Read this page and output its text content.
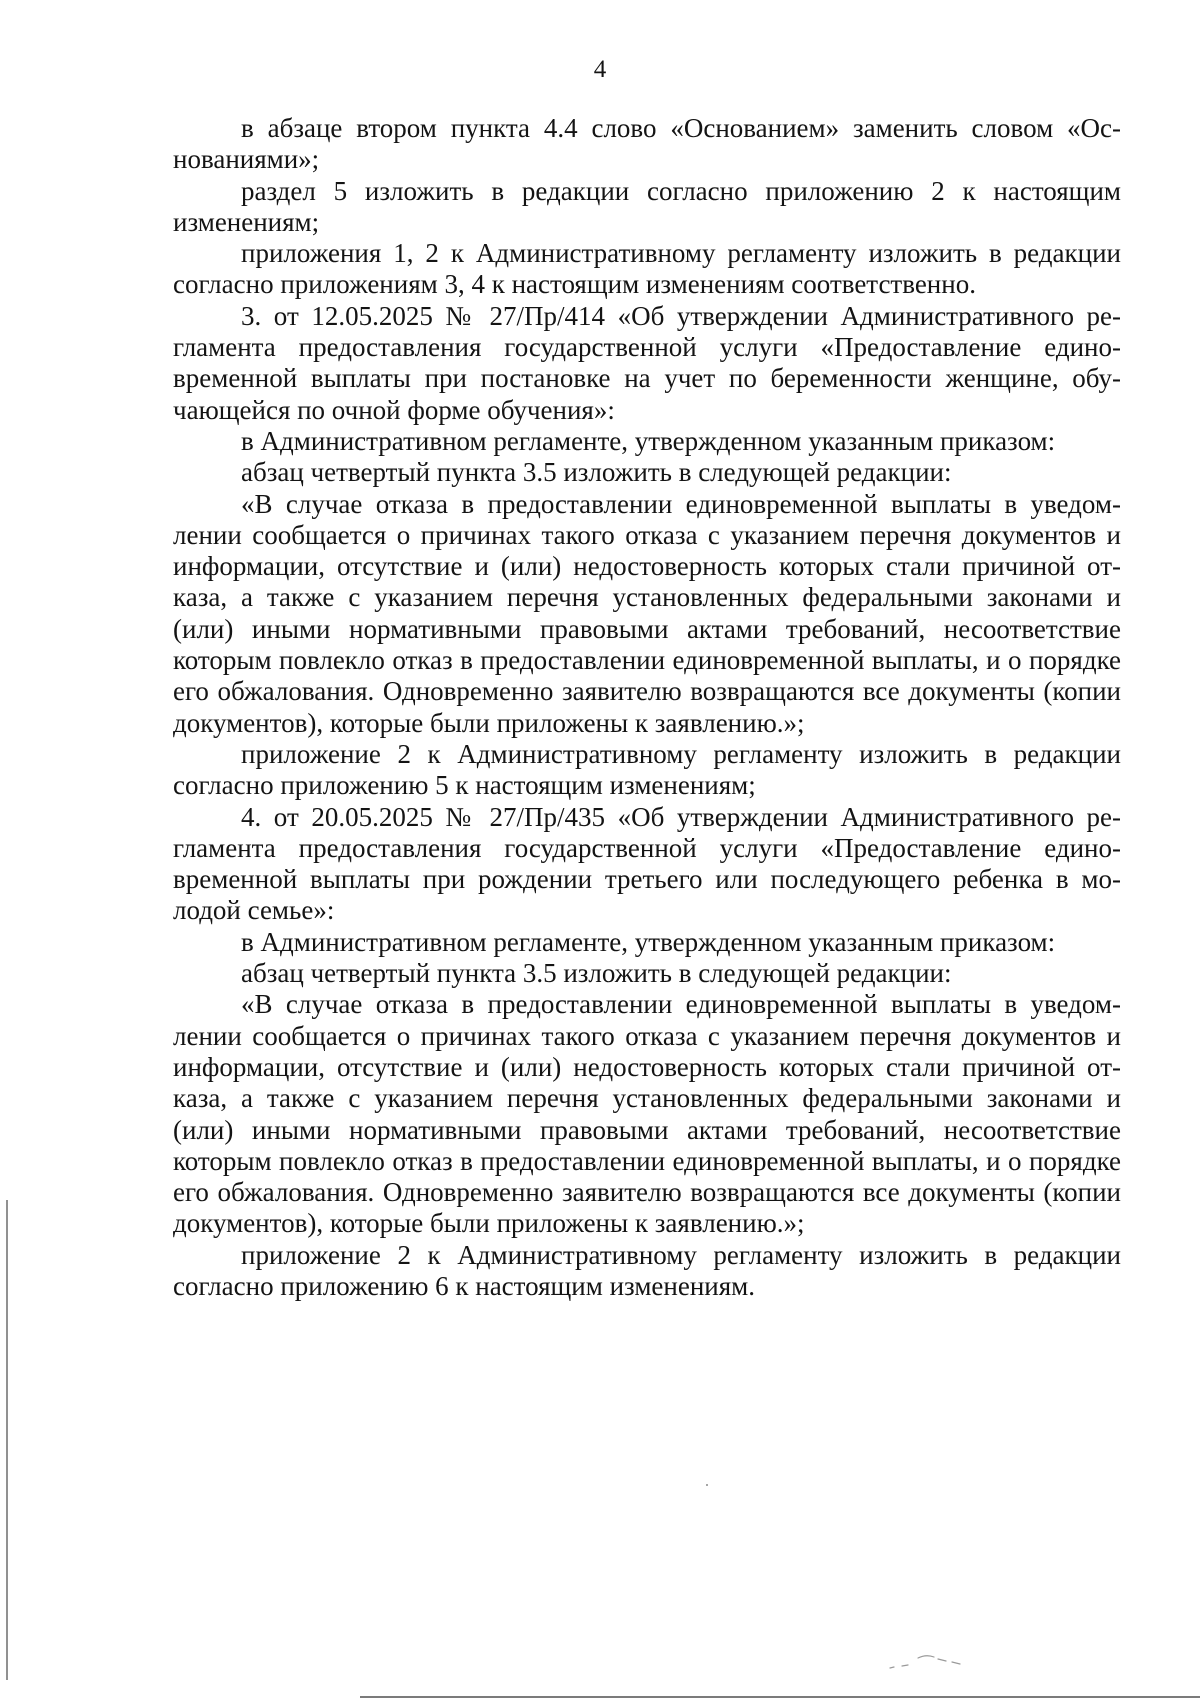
4

в абзаце втором пункта 4.4 слово «Основанием» заменить словом «Основаниями»;

раздел 5 изложить в редакции согласно приложению 2 к настоящим изменениям;

приложения 1, 2 к Административному регламенту изложить в редакции согласно приложениям 3, 4 к настоящим изменениям соответственно.

3. от 12.05.2025 № 27/Пр/414 «Об утверждении Административного регламента предоставления государственной услуги «Предоставление единовременной выплаты при постановке на учет по беременности женщине, обучающейся по очной форме обучения»:

в Административном регламенте, утвержденном указанным приказом:

абзац четвертый пункта 3.5 изложить в следующей редакции:

«В случае отказа в предоставлении единовременной выплаты в уведомлении сообщается о причинах такого отказа с указанием перечня документов и информации, отсутствие и (или) недостоверность которых стали причиной отказа, а также с указанием перечня установленных федеральными законами и (или) иными нормативными правовыми актами требований, несоответствие которым повлекло отказ в предоставлении единовременной выплаты, и о порядке его обжалования. Одновременно заявителю возвращаются все документы (копии документов), которые были приложены к заявлению.»;

приложение 2 к Административному регламенту изложить в редакции согласно приложению 5 к настоящим изменениям;

4. от 20.05.2025 № 27/Пр/435 «Об утверждении Административного регламента предоставления государственной услуги «Предоставление единовременной выплаты при рождении третьего или последующего ребенка в молодой семье»:

в Административном регламенте, утвержденном указанным приказом:

абзац четвертый пункта 3.5 изложить в следующей редакции:

«В случае отказа в предоставлении единовременной выплаты в уведомлении сообщается о причинах такого отказа с указанием перечня документов и информации, отсутствие и (или) недостоверность которых стали причиной отказа, а также с указанием перечня установленных федеральными законами и (или) иными нормативными правовыми актами требований, несоответствие которым повлекло отказ в предоставлении единовременной выплаты, и о порядке его обжалования. Одновременно заявителю возвращаются все документы (копии документов), которые были приложены к заявлению.»;

приложение 2 к Административному регламенту изложить в редакции согласно приложению 6 к настоящим изменениям.
